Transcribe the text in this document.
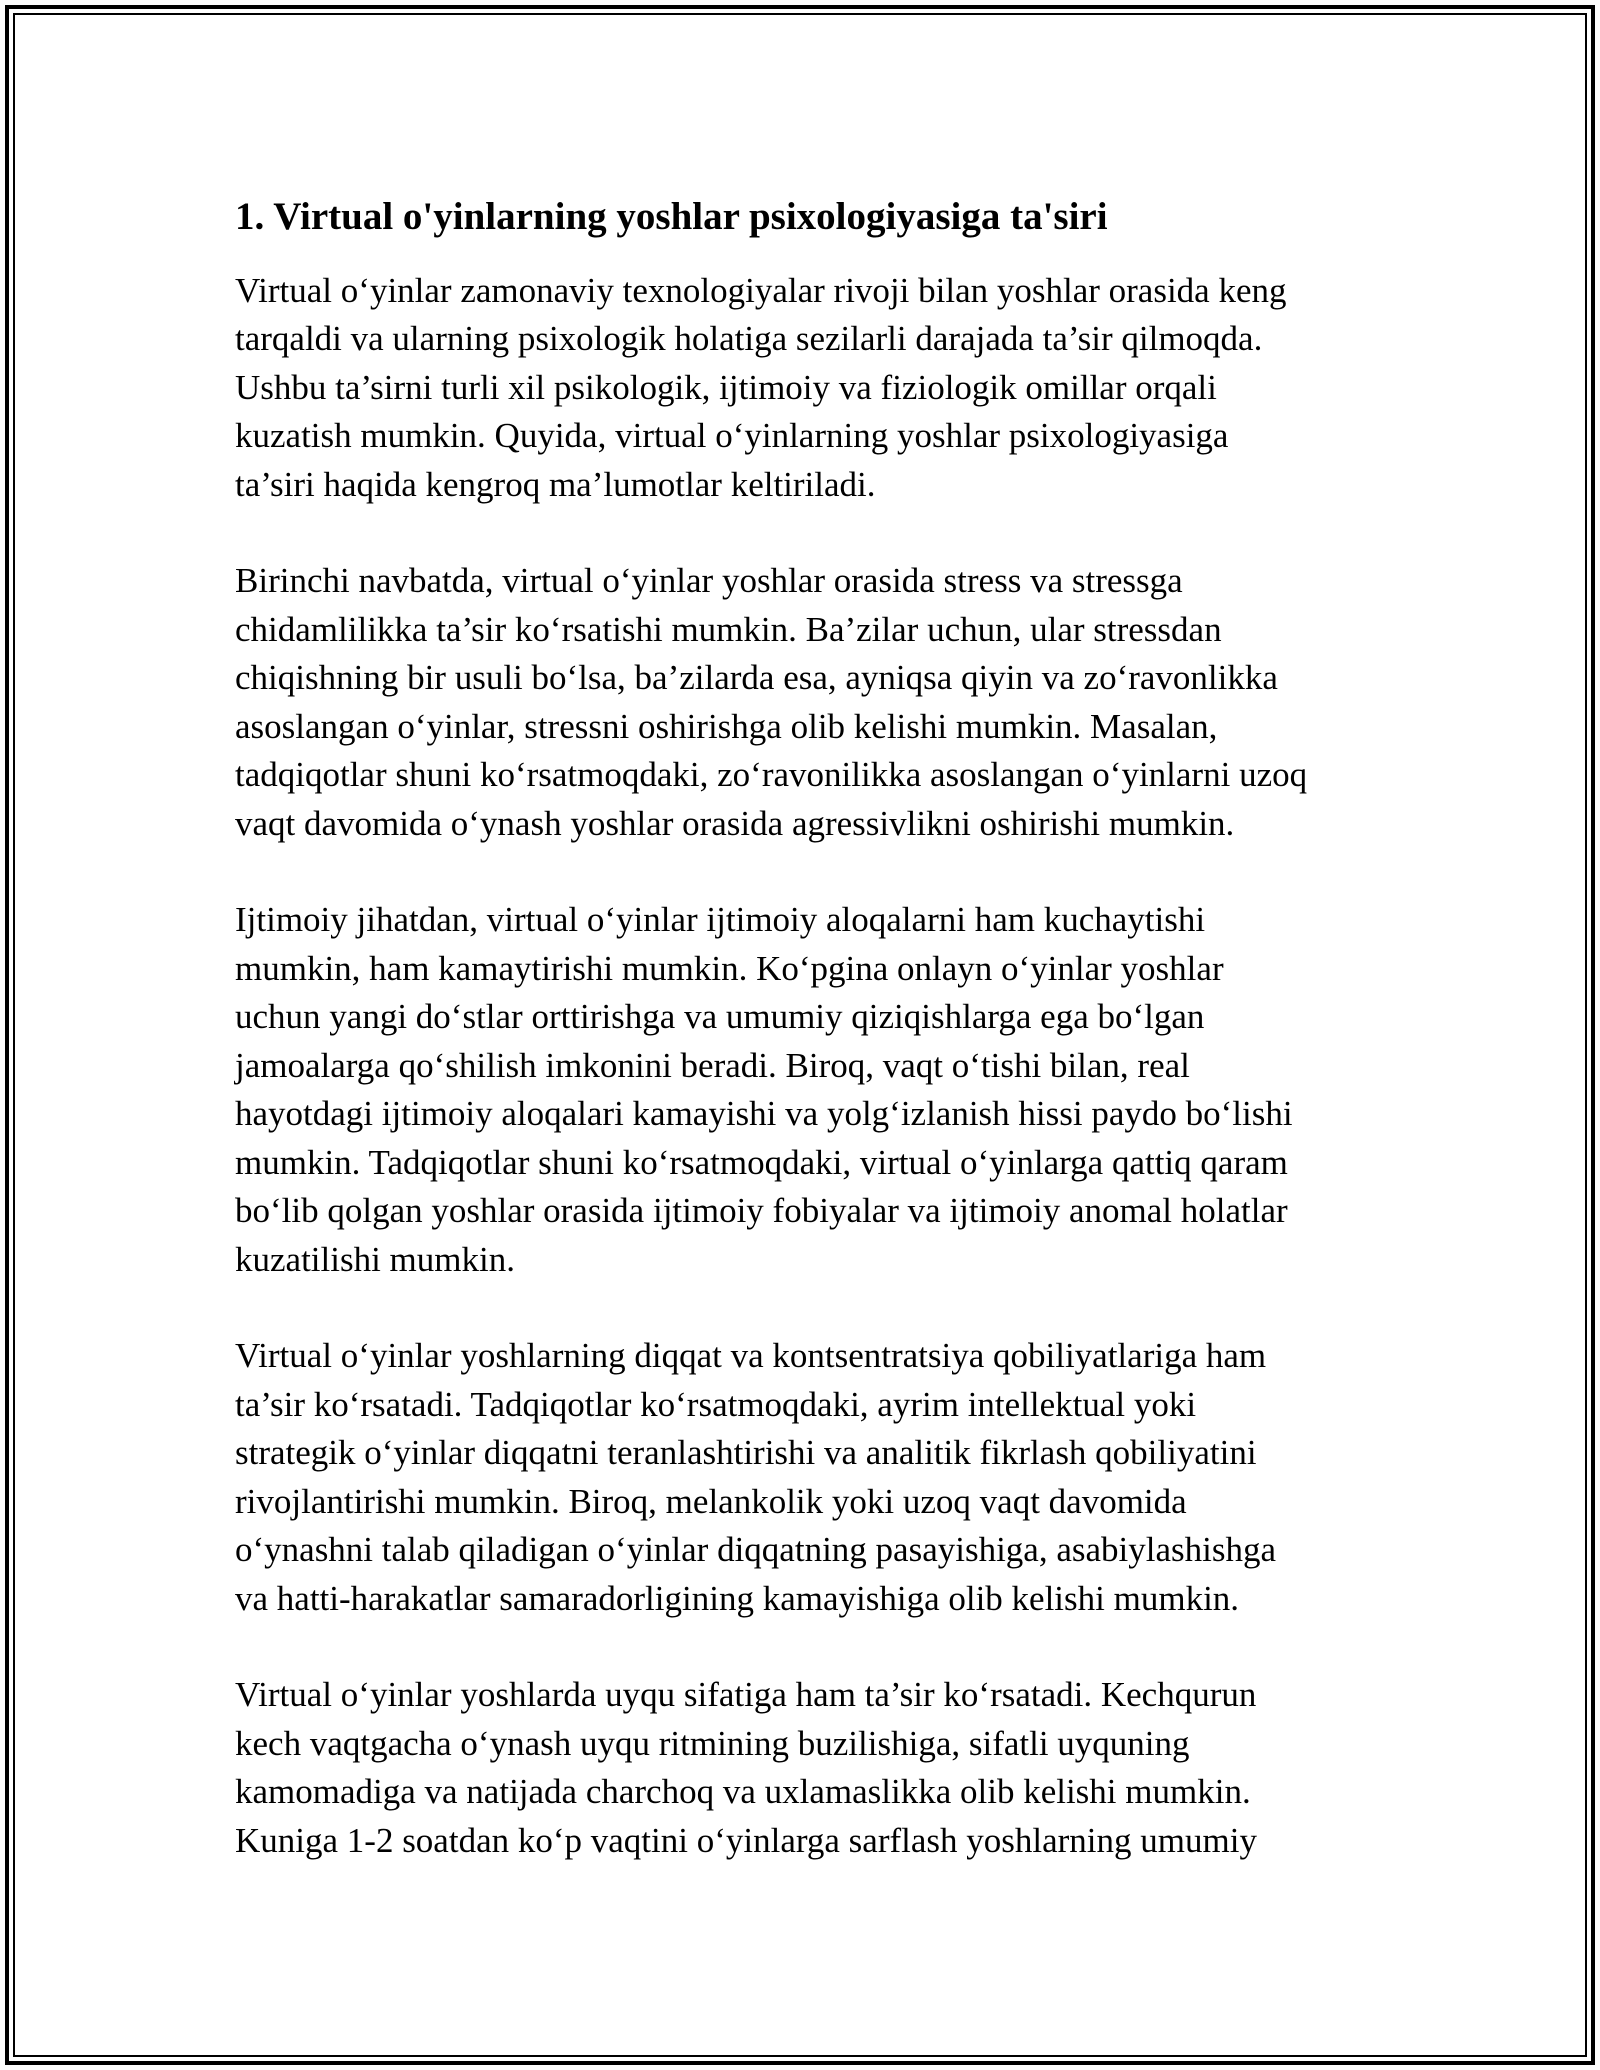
1. Virtual o'yinlarning yoshlar psixologiyasiga ta'siri

Virtual o‘yinlar zamonaviy texnologiyalar rivoji bilan yoshlar orasida keng
tarqaldi va ularning psixologik holatiga sezilarli darajada ta’sir qilmoqda.
Ushbu ta’sirni turli xil psikologik, ijtimoiy va fiziologik omillar orqali
kuzatish mumkin. Quyida, virtual o‘yinlarning yoshlar psixologiyasiga
ta’siri haqida kengroq ma’lumotlar keltiriladi.

Birinchi navbatda, virtual o‘yinlar yoshlar orasida stress va stressga
chidamlilikka ta’sir ko‘rsatishi mumkin. Ba’zilar uchun, ular stressdan
chiqishning bir usuli bo‘lsa, ba’zilarda esa, ayniqsa qiyin va zo‘ravonlikka
asoslangan o‘yinlar, stressni oshirishga olib kelishi mumkin. Masalan,
tadqiqotlar shuni ko‘rsatmoqdaki, zo‘ravonilikka asoslangan o‘yinlarni uzoq
vaqt davomida o‘ynash yoshlar orasida agressivlikni oshirishi mumkin.

Ijtimoiy jihatdan, virtual o‘yinlar ijtimoiy aloqalarni ham kuchaytishi
mumkin, ham kamaytirishi mumkin. Ko‘pgina onlayn o‘yinlar yoshlar
uchun yangi do‘stlar orttirishga va umumiy qiziqishlarga ega bo‘lgan
jamoalarga qo‘shilish imkonini beradi. Biroq, vaqt o‘tishi bilan, real
hayotdagi ijtimoiy aloqalari kamayishi va yolg‘izlanish hissi paydo bo‘lishi
mumkin. Tadqiqotlar shuni ko‘rsatmoqdaki, virtual o‘yinlarga qattiq qaram
bo‘lib qolgan yoshlar orasida ijtimoiy fobiyalar va ijtimoiy anomal holatlar
kuzatilishi mumkin.

Virtual o‘yinlar yoshlarning diqqat va kontsentratsiya qobiliyatlariga ham
ta’sir ko‘rsatadi. Tadqiqotlar ko‘rsatmoqdaki, ayrim intellektual yoki
strategik o‘yinlar diqqatni teranlashtirishi va analitik fikrlash qobiliyatini
rivojlantirishi mumkin. Biroq, melankolik yoki uzoq vaqt davomida
o‘ynashni talab qiladigan o‘yinlar diqqatning pasayishiga, asabiylashishga
va hatti-harakatlar samaradorligining kamayishiga olib kelishi mumkin.

Virtual o‘yinlar yoshlarda uyqu sifatiga ham ta’sir ko‘rsatadi. Kechqurun
kech vaqtgacha o‘ynash uyqu ritmining buzilishiga, sifatli uyquning
kamomadiga va natijada charchoq va uxlamaslikka olib kelishi mumkin.
Kuniga 1-2 soatdan ko‘p vaqtini o‘yinlarga sarflash yoshlarning umumiy
